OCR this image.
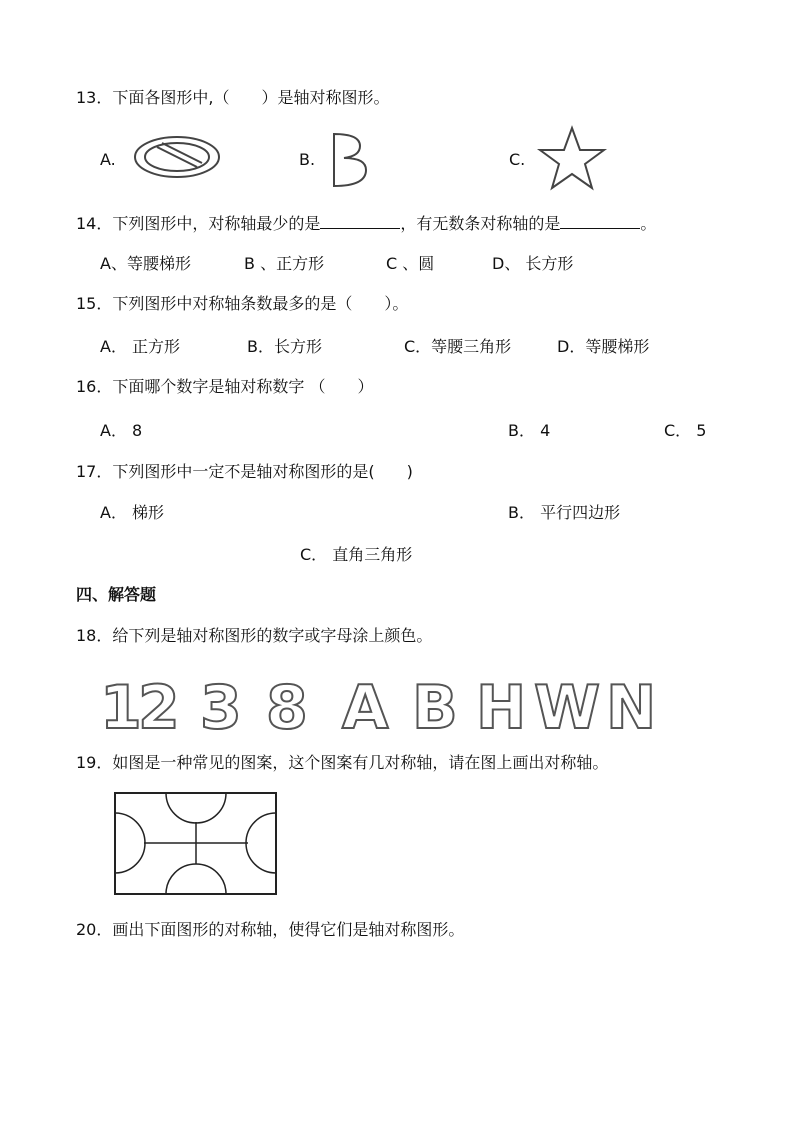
13．下面各图形中,（　　）是轴对称图形。
A.	B.	C.
14．下列图形中，对称轴最少的是	，有无数条对称轴的是	。
A、等腰梯形	B 、正方形	C 、圆	D、 长方形
15．下列图形中对称轴条数最多的是（　　）。
A． 正方形	B．长方形	C．等腰三角形	D．等腰梯形
16．下面哪个数字是轴对称数字 （　　）
A． 8	B． 4	C． 5
17．下列图形中一定不是轴对称图形的是(　　)
A． 梯形	B． 平行四边形
C． 直角三角形
四、解答题
18．给下列是轴对称图形的数字或字母涂上颜色。
1
2 3 8 A B H W N
19．如图是一种常见的图案，这个图案有几对称轴，请在图上画出对称轴。
20．画出下面图形的对称轴，使得它们是轴对称图形。
